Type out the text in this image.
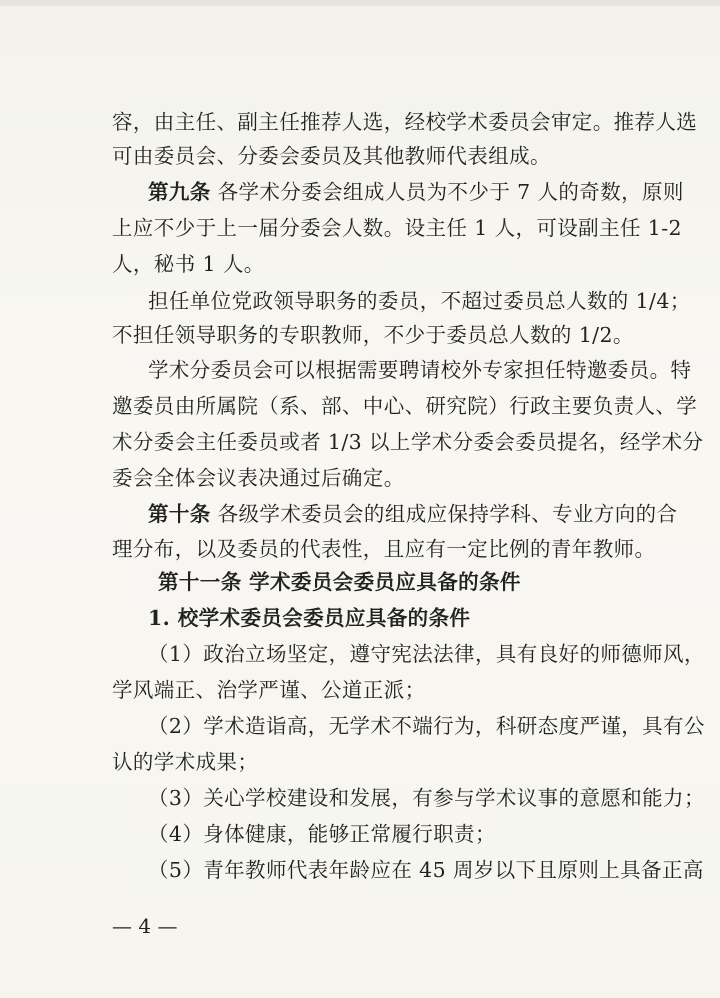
容，由主任、副主任推荐人选，经校学术委员会审定。推荐人选
可由委员会、分委会委员及其他教师代表组成。
第九条 各学术分委会组成人员为不少于 7 人的奇数，原则
上应不少于上一届分委会人数。设主任 1 人，可设副主任 1-2
人，秘书 1 人。
担任单位党政领导职务的委员，不超过委员总人数的 1/4；
不担任领导职务的专职教师，不少于委员总人数的 1/2。
学术分委员会可以根据需要聘请校外专家担任特邀委员。特
邀委员由所属院（系、部、中心、研究院）行政主要负责人、学
术分委会主任委员或者 1/3 以上学术分委会委员提名，经学术分
委会全体会议表决通过后确定。
第十条 各级学术委员会的组成应保持学科、专业方向的合
理分布，以及委员的代表性，且应有一定比例的青年教师。
第十一条 学术委员会委员应具备的条件
1. 校学术委员会委员应具备的条件
（1）政治立场坚定，遵守宪法法律，具有良好的师德师风，
学风端正、治学严谨、公道正派；
（2）学术造诣高，无学术不端行为，科研态度严谨，具有公
认的学术成果；
（3）关心学校建设和发展，有参与学术议事的意愿和能力；
（4）身体健康，能够正常履行职责；
（5）青年教师代表年龄应在 45 周岁以下且原则上具备正高
— 4 —
